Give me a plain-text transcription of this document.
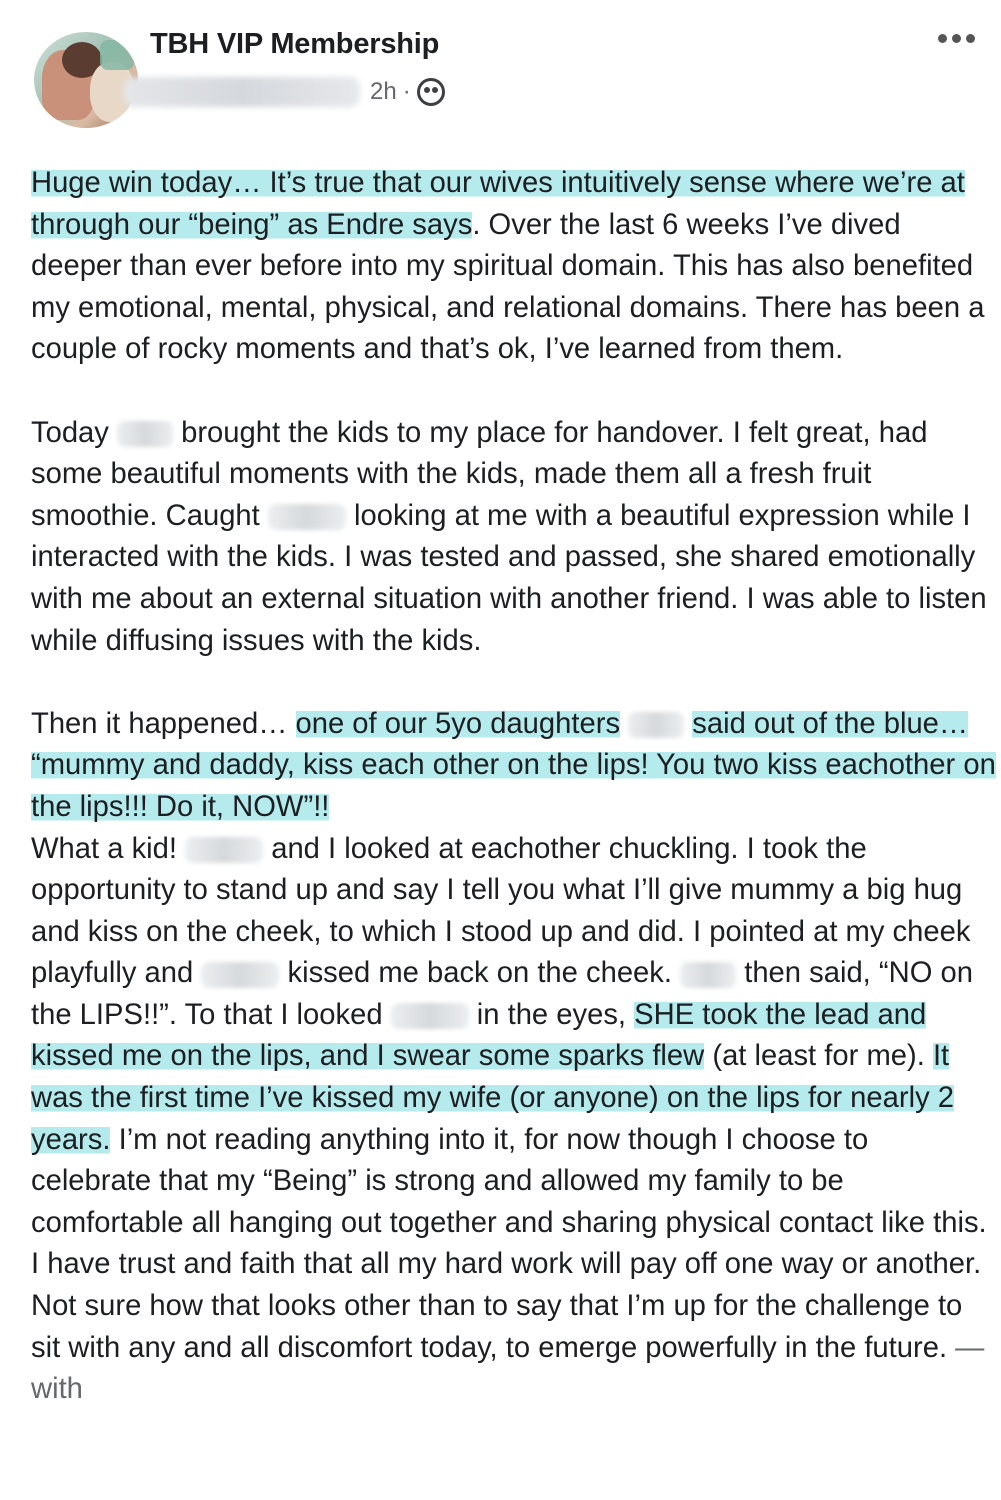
TBH VIP Membership
2h ·

Huge win today… It’s true that our wives intuitively sense where we’re at through our “being” as Endre says. Over the last 6 weeks I’ve dived deeper than ever before into my spiritual domain. This has also benefited my emotional, mental, physical, and relational domains. There has been a couple of rocky moments and that’s ok, I’ve learned from them.

Today brought the kids to my place for handover. I felt great, had some beautiful moments with the kids, made them all a fresh fruit smoothie. Caught	looking at me with a beautiful expression while I interacted with the kids. I was tested and passed, she shared emotionally with me about an external situation with another friend. I was able to listen while diffusing issues with the kids.

Then it happened… one of our 5yo daughters said out of the blue… “mummy and daddy, kiss each other on the lips! You two kiss eachother on the lips!!! Do it, NOW”!!
What a kid!	and I looked at eachother chuckling. I took the opportunity to stand up and say I tell you what I’ll give mummy a big hug and kiss on the cheek, to which I stood up and did. I pointed at my cheek playfully and	kissed me back on the cheek. then said, “NO on the LIPS!!”. To that I looked	in the eyes, SHE took the lead and kissed me on the lips, and I swear some sparks flew (at least for me). It was the first time I’ve kissed my wife (or anyone) on the lips for nearly 2 years. I’m not reading anything into it, for now though I choose to celebrate that my “Being” is strong and allowed my family to be comfortable all hanging out together and sharing physical contact like this. I have trust and faith that all my hard work will pay off one way or another. Not sure how that looks other than to say that I’m up for the challenge to sit with any and all discomfort today, to emerge powerfully in the future. — with
